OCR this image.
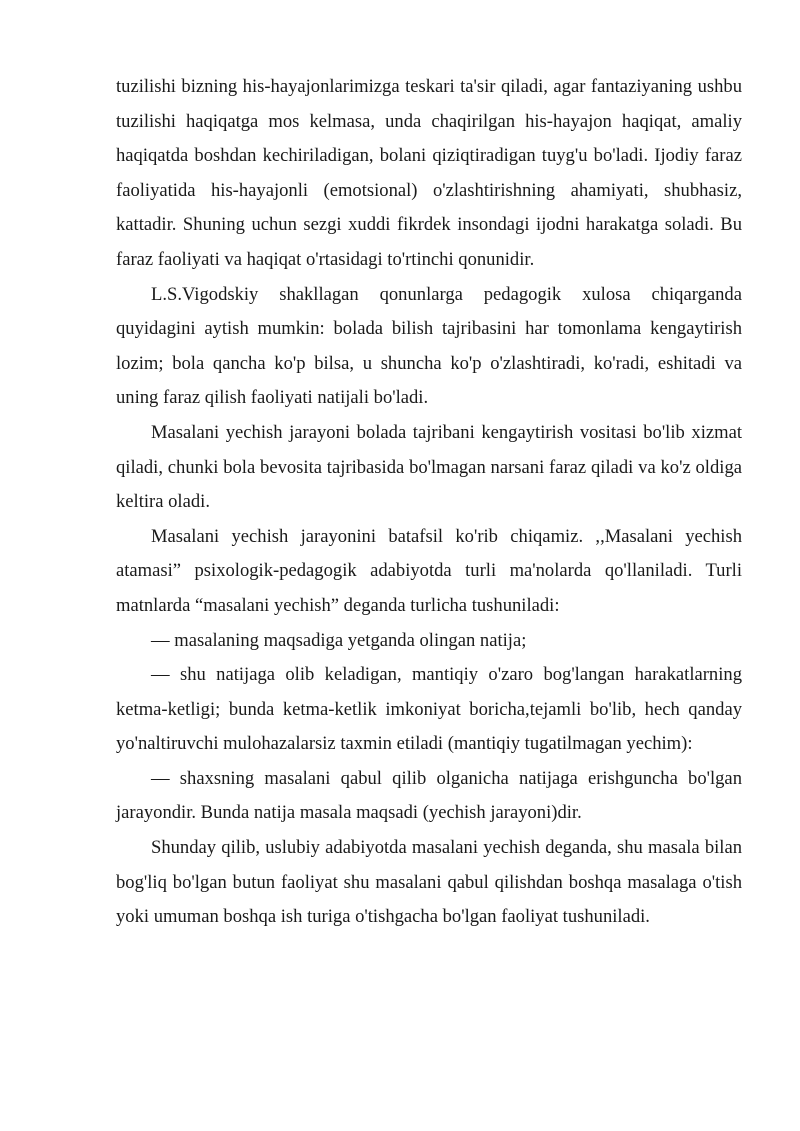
tuzilishi bizning his-hayajonlarimizga teskari ta'sir qiladi, agar fantaziyaning ushbu tuzilishi haqiqatga mos kelmasa, unda chaqirilgan his-hayajon haqiqat, amaliy haqiqatda boshdan kechiriladigan, bolani qiziqtiradigan tuyg'u bo'ladi. Ijodiy faraz faoliyatida his-hayajonli (emotsional) o'zlashtirishning ahamiyati, shubhasiz, kattadir. Shuning uchun sezgi xuddi fikrdek insondagi ijodni harakatga soladi. Bu faraz faoliyati va haqiqat o'rtasidagi to'rtinchi qonunidir.

L.S.Vigodskiy shakllagan qonunlarga pedagogik xulosa chiqarganda quyidagini aytish mumkin: bolada bilish tajribasini har tomonlama kengaytirish lozim; bola qancha ko'p bilsa, u shuncha ko'p o'zlashtiradi, ko'radi, eshitadi va uning faraz qilish faoliyati natijali bo'ladi.

Masalani yechish jarayoni bolada tajribani kengaytirish vositasi bo'lib xizmat qiladi, chunki bola bevosita tajribasida bo'lmagan narsani faraz qiladi va ko'z oldiga keltira oladi.

Masalani yechish jarayonini batafsil ko'rib chiqamiz. ,,Masalani yechish atamasi” psixologik-pedagogik adabiyotda turli ma'nolarda qo'llaniladi. Turli matnlarda “masalani yechish” deganda turlicha tushuniladi:

— masalaning maqsadiga yetganda olingan natija;

— shu natijaga olib keladigan, mantiqiy o'zaro bog'langan harakatlarning ketma-ketligi; bunda ketma-ketlik imkoniyat boricha,tejamli bo'lib, hech qanday yo'naltiruvchi mulohazalarsiz taxmin etiladi (mantiqiy tugatilmagan yechim):

— shaxsning masalani qabul qilib olganicha natijaga erishguncha bo'lgan jarayondir. Bunda natija masala maqsadi (yechish jarayoni)dir.

Shunday qilib, uslubiy adabiyotda masalani yechish deganda, shu masala bilan bog'liq bo'lgan butun faoliyat shu masalani qabul qilishdan boshqa masalaga o'tish yoki umuman boshqa ish turiga o'tishgacha bo'lgan faoliyat tushuniladi.
